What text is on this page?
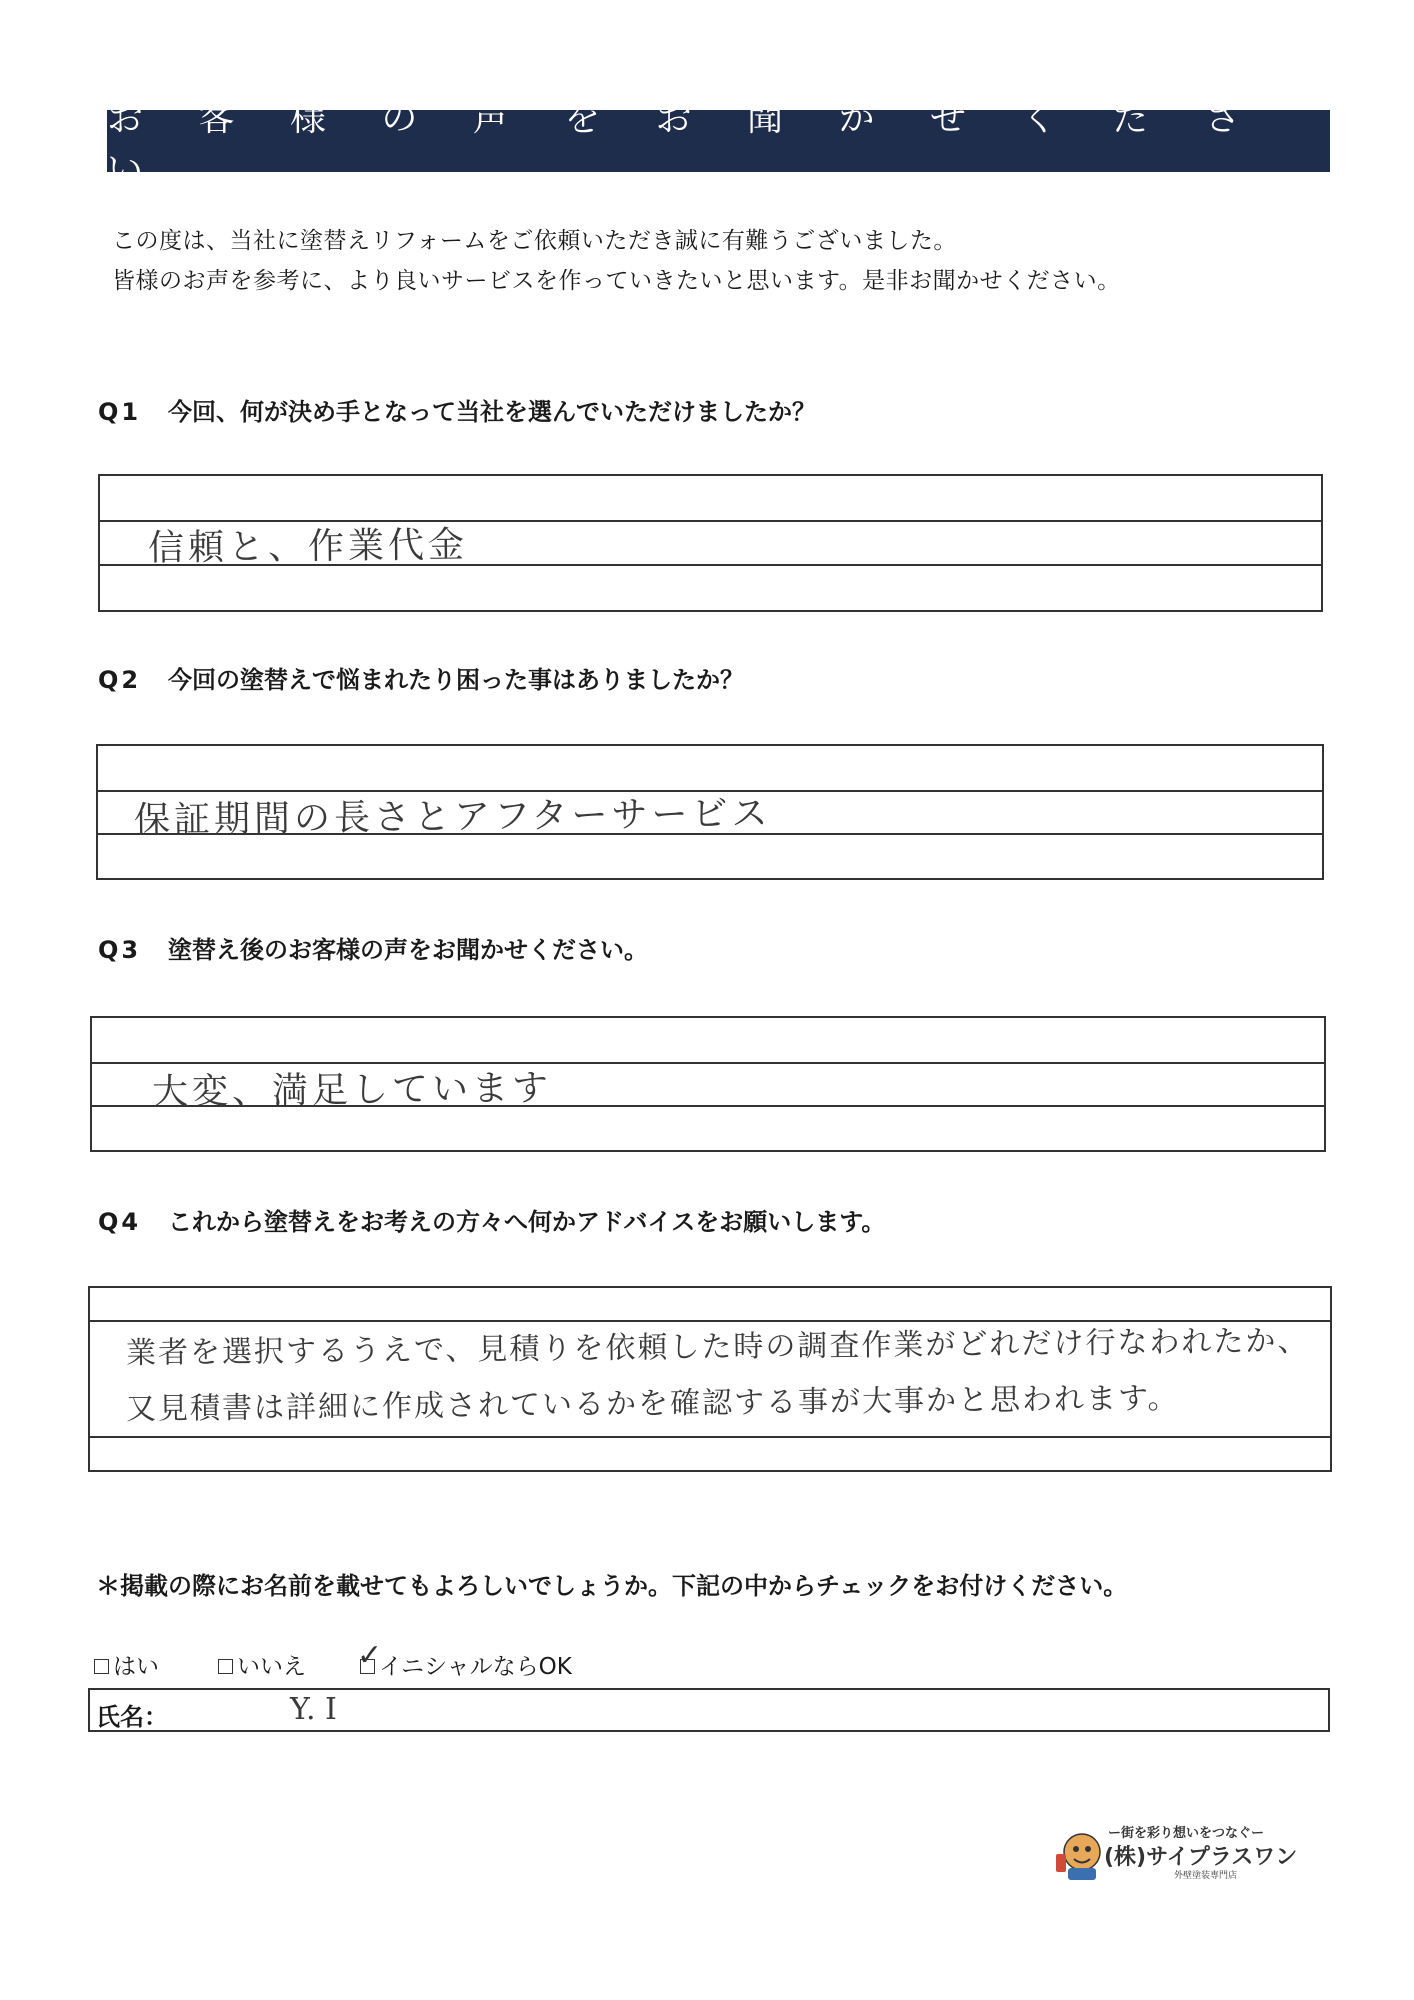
お 客 様 の 声 を お 聞 か せ く だ さ い
この度は、当社に塗替えリフォームをご依頼いただき誠に有難うございました。
皆様のお声を参考に、より良いサービスを作っていきたいと思います。是非お聞かせください。
Q1 今回、何が決め手となって当社を選んでいただけましたか？
信頼と、作業代金
Q2 今回の塗替えで悩まれたり困った事はありましたか？
保証期間の長さとアフターサービス
Q3 塗替え後のお客様の声をお聞かせください。
大変、満足しています
Q4 これから塗替えをお考えの方々へ何かアドバイスをお願いします。
業者を選択するうえで、見積りを依頼した時の調査作業がどれだけ行なわれたか、
又見積書は詳細に作成されているかを確認する事が大事かと思われます。
＊掲載の際にお名前を載せてもよろしいでしょうか。下記の中からチェックをお付けください。
はい	いいえ ✓
イニシャルならOK
氏名：	Y. I
ー街を彩り想いをつなぐー
(株)サイプラスワン
外壁塗装専門店
